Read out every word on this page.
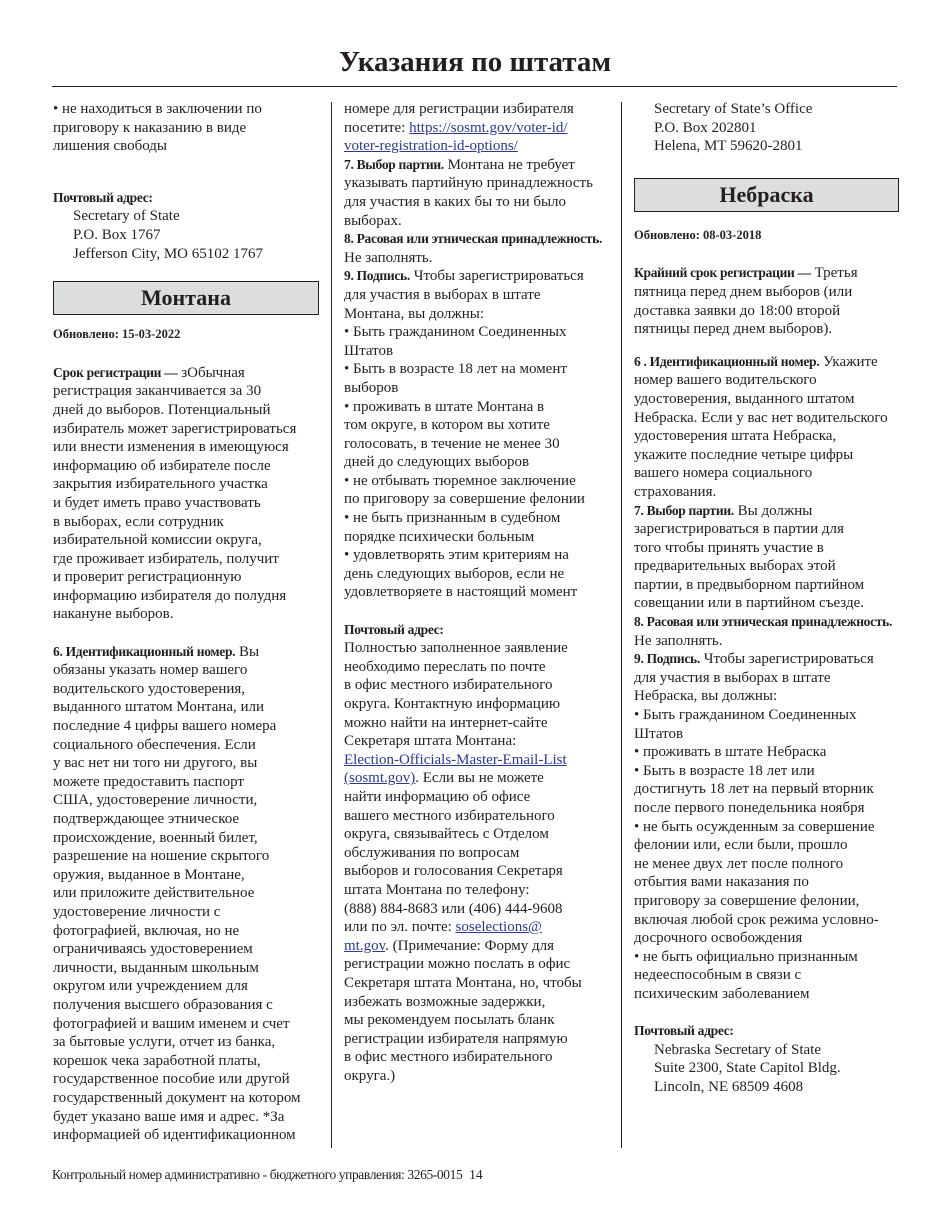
Указания по штатам
• не находиться в заключении по
приговору к наказанию в виде
лишения свободы
Почтовый адрес:
Secretary of State
P.O. Box 1767
Jefferson City, MO 65102 1767
Монтана
Обновлено: 15-03-2022
Срок регистрации — зОбычная
регистрация заканчивается за 30
дней до выборов. Потенциальный
избиратель может зарегистрироваться
или внести изменения в имеющуюся
информацию об избирателе после
закрытия избирательного участка
и будет иметь право участвовать
в выборах, если сотрудник
избирательной комиссии округа,
где проживает избиратель, получит
и проверит регистрационную
информацию избирателя до полудня
накануне выборов.
6. Идентификационный номер. Вы
обязаны указать номер вашего
водительского удостоверения,
выданного штатом Монтана, или
последние 4 цифры вашего номера
социального обеспечения. Если
у вас нет ни того ни другого, вы
можете предоставить паспорт
США, удостоверение личности,
подтверждающее этническое
происхождение, военный билет,
разрешение на ношение скрытого
оружия, выданное в Монтане,
или приложите действительное
удостоверение личности с
фотографией, включая, но не
ограничиваясь удостоверением
личности, выданным школьным
округом или учреждением для
получения высшего образования с
фотографией и вашим именем и счет
за бытовые услуги, отчет из банка,
корешок чека заработной платы,
государственное пособие или другой
государственный документ на котором
будет указано ваше имя и адрес. *За
информацией об идентификационном
номере для регистрации избирателя
посетите: https://sosmt.gov/voter-id/
voter-registration-id-options/
7. Выбор партии. Монтана не требует
указывать партийную принадлежность
для участия в каких бы то ни было
выборах.
8. Расовая или этническая принадлежность.
Не заполнять.
9. Подпись. Чтобы зарегистрироваться
для участия в выборах в штате
Монтана, вы должны:
• Быть гражданином Соединенных
Штатов
• Быть в возрасте 18 лет на момент
выборов
• проживать в штате Монтана в
том округе, в котором вы хотите
голосовать, в течение не менее 30
дней до следующих выборов
• не отбывать тюремное заключение
по приговору за совершение фелонии
• не быть признанным в судебном
порядке психически больным
• удовлетворять этим критериям на
день следующих выборов, если не
удовлетворяете в настоящий момент
Почтовый адрес:
Полностью заполненное заявление
необходимо переслать по почте
в офис местного избирательного
округа. Контактную информацию
можно найти на интернет-сайте
Секретаря штата Монтана:
Election-Officials-Master-Email-List
(sosmt.gov). Если вы не можете
найти информацию об офисе
вашего местного избирательного
округа, связывайтесь с Отделом
обслуживания по вопросам
выборов и голосования Секретаря
штата Монтана по телефону:
(888) 884-8683 или (406) 444-9608
или по эл. почте: soselections@
mt.gov. (Примечание: Форму для
регистрации можно послать в офис
Секретаря штата Монтана, но, чтобы
избежать возможные задержки,
мы рекомендуем посылать бланк
регистрации избирателя напрямую
в офис местного избирательного
округа.)
Secretary of State’s Office
P.O. Box 202801
Helena, MT 59620-2801
Небраска
Обновлено: 08-03-2018
Крайний срок регистрации — Третья
пятница перед днем выборов (или
доставка заявки до 18:00 второй
пятницы перед днем выборов).
6 . Идентификационный номер. Укажите
номер вашего водительского
удостоверения, выданного штатом
Небраска. Если у вас нет водительского
удостоверения штата Небраска,
укажите последние четыре цифры
вашего номера социального
страхования.
7. Выбор партии. Вы должны
зарегистрироваться в партии для
того чтобы принять участие в
предварительных выборах этой
партии, в предвыборном партийном
совещании или в партийном съезде.
8. Расовая или этническая принадлежность.
Не заполнять.
9. Подпись. Чтобы зарегистрироваться
для участия в выборах в штате
Небраска, вы должны:
• Быть гражданином Соединенных
Штатов
• проживать в штате Небраска
• Быть в возрасте 18 лет или
достигнуть 18 лет на первый вторник
после первого понедельника ноября
• не быть осужденным за совершение
фелонии или, если были, прошло
не менее двух лет после полного
отбытия вами наказания по
приговору за совершение фелонии,
включая любой срок режима условно-
досрочного освобождения
• не быть официально признанным
недееспособным в связи с
психическим заболеванием
Почтовый адрес:
Nebraska Secretary of State
Suite 2300, State Capitol Bldg.
Lincoln, NE 68509 4608
Контрольный номер административно - бюджетного управления: 3265-0015 14
